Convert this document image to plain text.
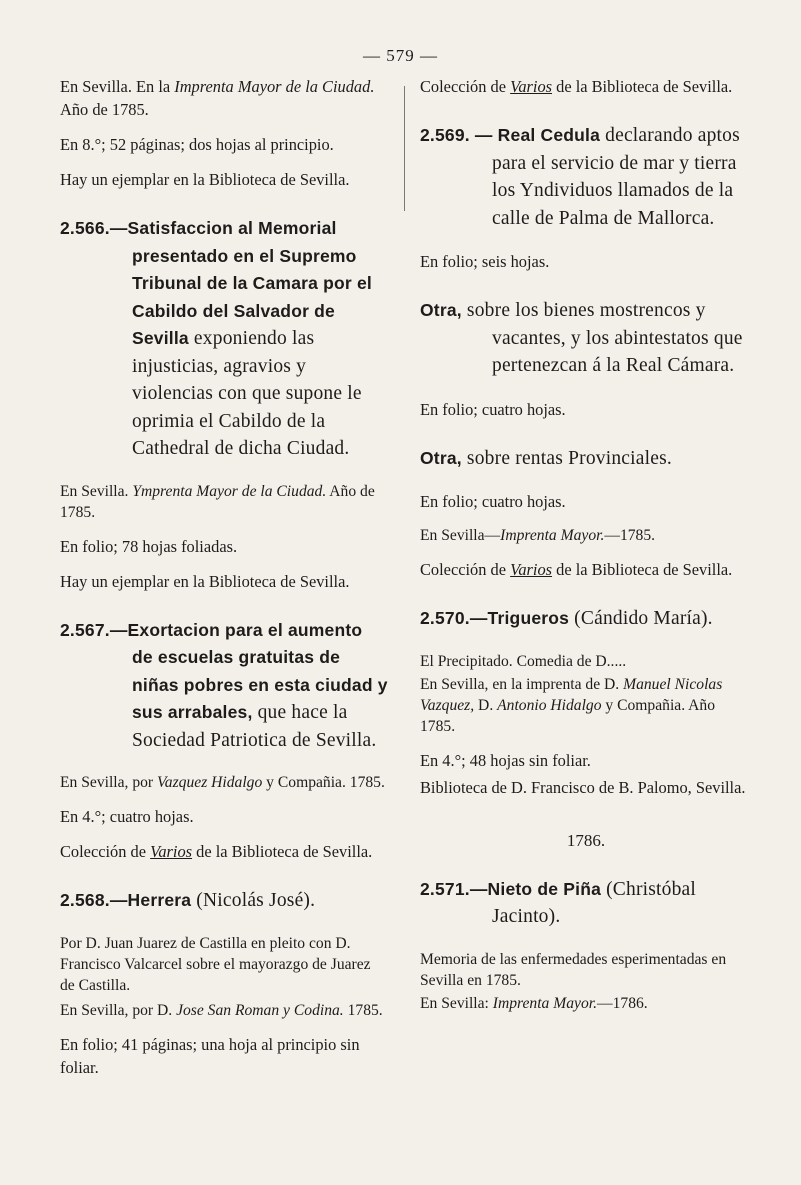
— 579 —

En Sevilla. En la Imprenta Mayor de la Ciudad. Año de 1785.

En 8.°; 52 páginas; dos hojas al principio.

Hay un ejemplar en la Biblioteca de Sevilla.

2.566.—Satisfaccion al Memorial presentado en el Supremo Tribunal de la Camara por el Cabildo del Salvador de Sevilla exponiendo las injusticias, agravios y violencias con que supone le oprimia el Cabildo de la Cathedral de dicha Ciudad.

En Sevilla. Ymprenta Mayor de la Ciudad. Año de 1785.

En folio; 78 hojas foliadas.

Hay un ejemplar en la Biblioteca de Sevilla.

2.567.—Exortacion para el aumento de escuelas gratuitas de niñas pobres en esta ciudad y sus arrabales, que hace la Sociedad Patriotica de Sevilla.

En Sevilla, por Vazquez Hidalgo y Compañia. 1785.

En 4.°; cuatro hojas.

Colección de Varios de la Biblioteca de Sevilla.

2.568.—Herrera (Nicolás José).

Por D. Juan Juarez de Castilla en pleito con D. Francisco Valcarcel sobre el mayorazgo de Juarez de Castilla.

En Sevilla, por D. Jose San Roman y Codina. 1785.

En folio; 41 páginas; una hoja al principio sin foliar.

Colección de Varios de la Biblioteca de Sevilla.

2.569. — Real Cedula declarando aptos para el servicio de mar y tierra los Yndividuos llamados de la calle de Palma de Mallorca.

En folio; seis hojas.

Otra, sobre los bienes mostrencos y vacantes, y los abintestatos que pertenezcan á la Real Cámara.

En folio; cuatro hojas.

Otra, sobre rentas Provinciales.

En folio; cuatro hojas.

En Sevilla—Imprenta Mayor.—1785.

Colección de Varios de la Biblioteca de Sevilla.

2.570.—Trigueros (Cándido María).

El Precipitado. Comedia de D.....

En Sevilla, en la imprenta de D. Manuel Nicolas Vazquez, D. Antonio Hidalgo y Compañia. Año 1785.

En 4.°; 48 hojas sin foliar.

Biblioteca de D. Francisco de B. Palomo, Sevilla.

1786.

2.571.—Nieto de Piña (Christóbal Jacinto).

Memoria de las enfermedades esperimentadas en Sevilla en 1785.

En Sevilla: Imprenta Mayor.—1786.
